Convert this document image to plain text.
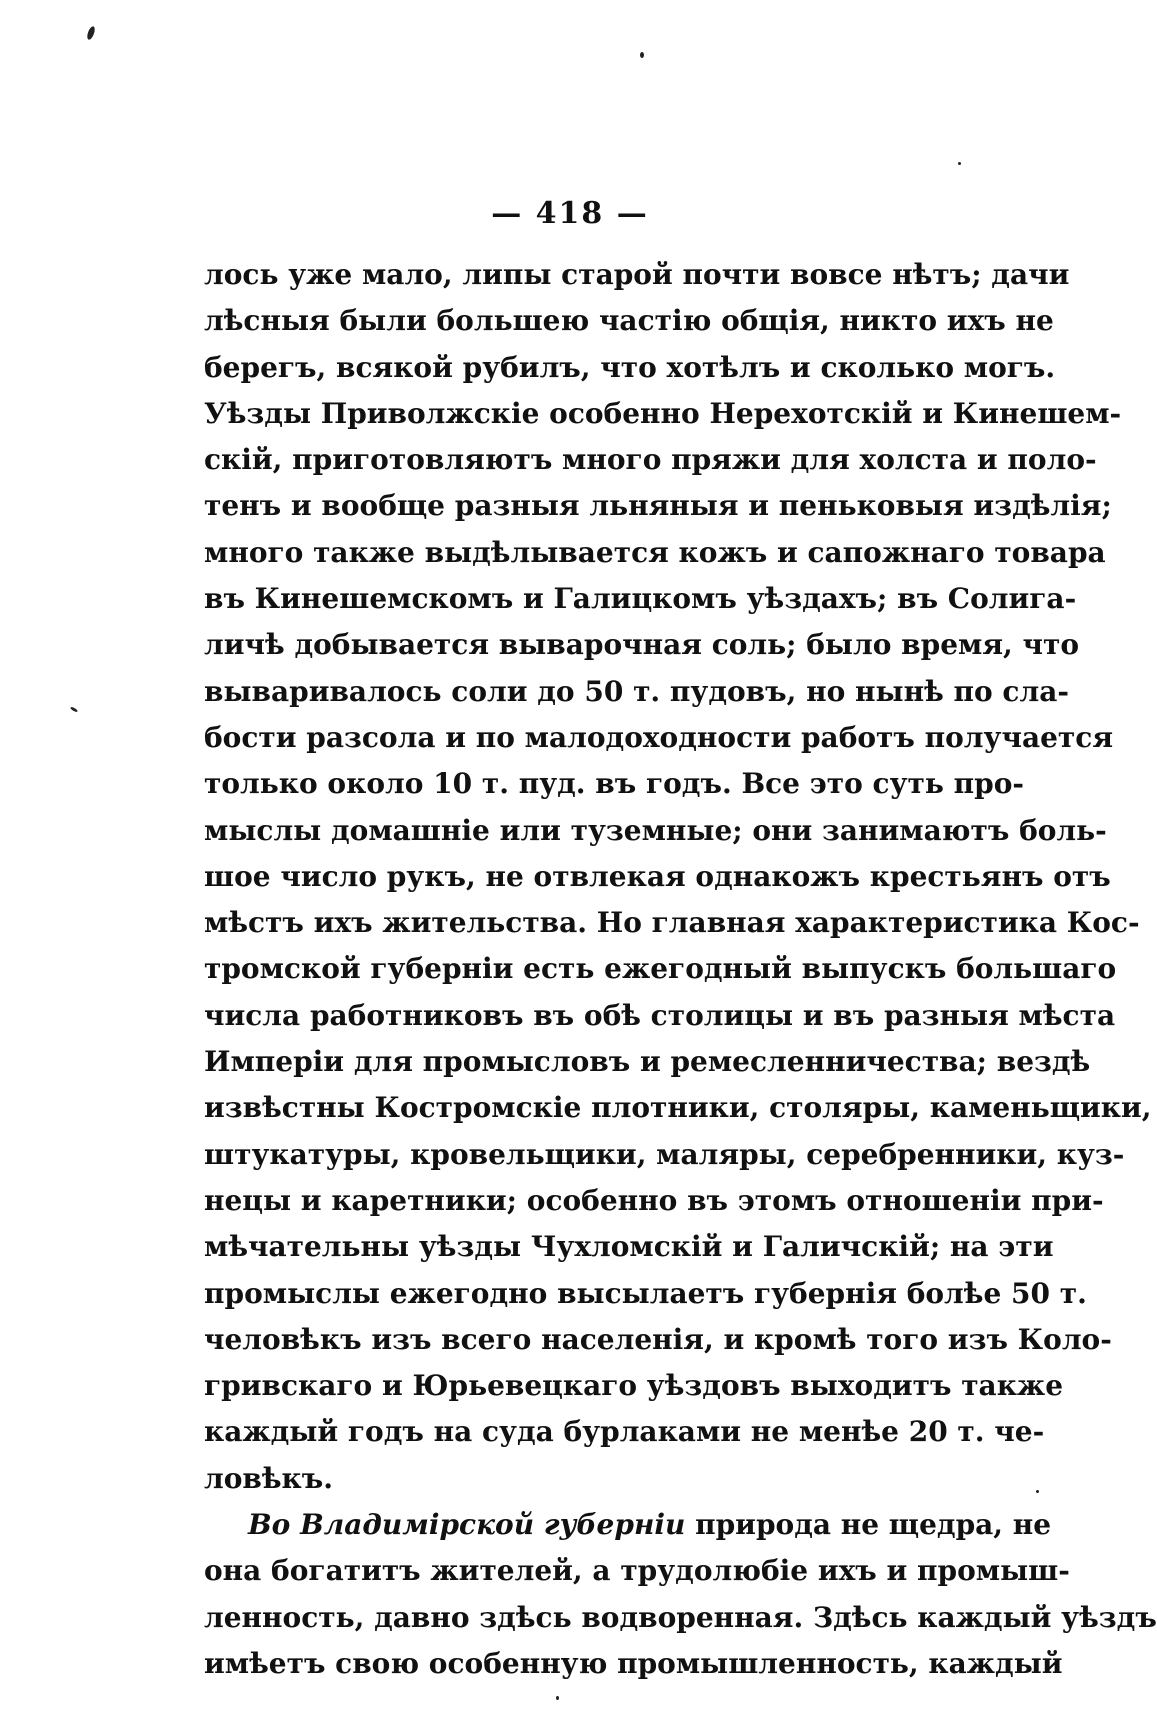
— 418 —
лось уже мало, липы старой почти вовсе нѣтъ; дачи
лѣсныя были большею частію общія, никто ихъ не
берегъ, всякой рубилъ, что хотѣлъ и сколько могъ.
Уѣзды Приволжскіе особенно Нерехотскій и Кинешем-
скій, приготовляютъ много пряжи для холста и поло-
тенъ и вообще разныя льняныя и пеньковыя издѣлія;
много также выдѣлывается кожъ и сапожнаго товара
въ Кинешемскомъ и Галицкомъ уѣздахъ; въ Солига-
личѣ добывается выварочная соль; было время, что
вываривалось соли до 50 т. пудовъ, но нынѣ по сла-
бости разсола и по малодоходности работъ получается
только около 10 т. пуд. въ годъ. Все это суть про-
мыслы домашніе или туземные; они занимаютъ боль-
шое число рукъ, не отвлекая однакожъ крестьянъ отъ
мѣстъ ихъ жительства. Но главная характеристика Кос-
тромской губерніи есть ежегодный выпускъ большаго
числа работниковъ въ обѣ столицы и въ разныя мѣста
Имперіи для промысловъ и ремесленничества; вездѣ
извѣстны Костромскіе плотники, столяры, каменьщики,
штукатуры, кровельщики, маляры, серебренники, куз-
нецы и каретники; особенно въ этомъ отношеніи при-
мѣчательны уѣзды Чухломскій и Галичскій; на эти
промыслы ежегодно высылаетъ губернія болѣе 50 т.
человѣкъ изъ всего населенія, и кромѣ того изъ Коло-
гривскаго и Юрьевецкаго уѣздовъ выходитъ также
каждый годъ на суда бурлаками не менѣе 20 т. че-
ловѣкъ.
Во Владимірской губерніи природа не щедра, не
она богатитъ жителей, а трудолюбіе ихъ и промыш-
ленность, давно здѣсь водворенная. Здѣсь каждый уѣздъ
имѣетъ свою особенную промышленность, каждый
